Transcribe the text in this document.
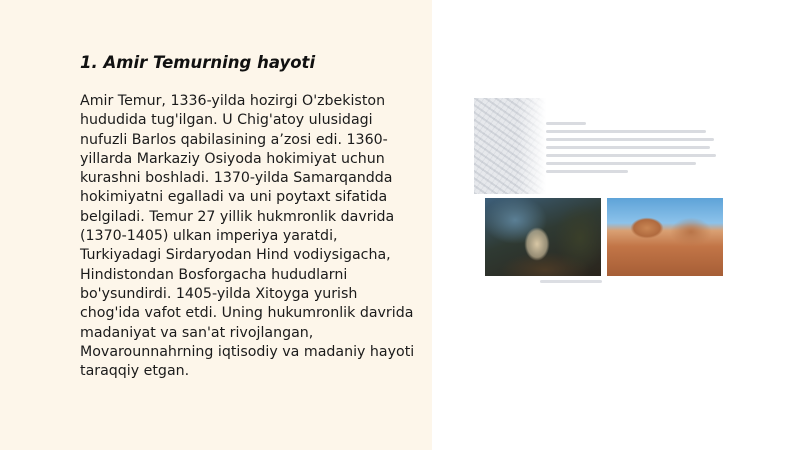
1. Amir Temurning hayoti

Amir Temur, 1336-yilda hozirgi O'zbekiston hududida tug'ilgan. U Chig'atoy ulusidagi nufuzli Barlos qabilasining a’zosi edi. 1360-yillarda Markaziy Osiyoda hokimiyat uchun kurashni boshladi. 1370-yilda Samarqandda hokimiyatni egalladi va uni poytaxt sifatida belgiladi. Temur 27 yillik hukmronlik davrida (1370-1405) ulkan imperiya yaratdi, Turkiyadagi Sirdaryodan Hind vodiysigacha, Hindistondan Bosforgacha hududlarni bo'ysundirdi. 1405-yilda Xitoyga yurish chog'ida vafot etdi. Uning hukumronlik davrida madaniyat va san'at rivojlangan, Movarounnahrning iqtisodiy va madaniy hayoti taraqqiy etgan.
